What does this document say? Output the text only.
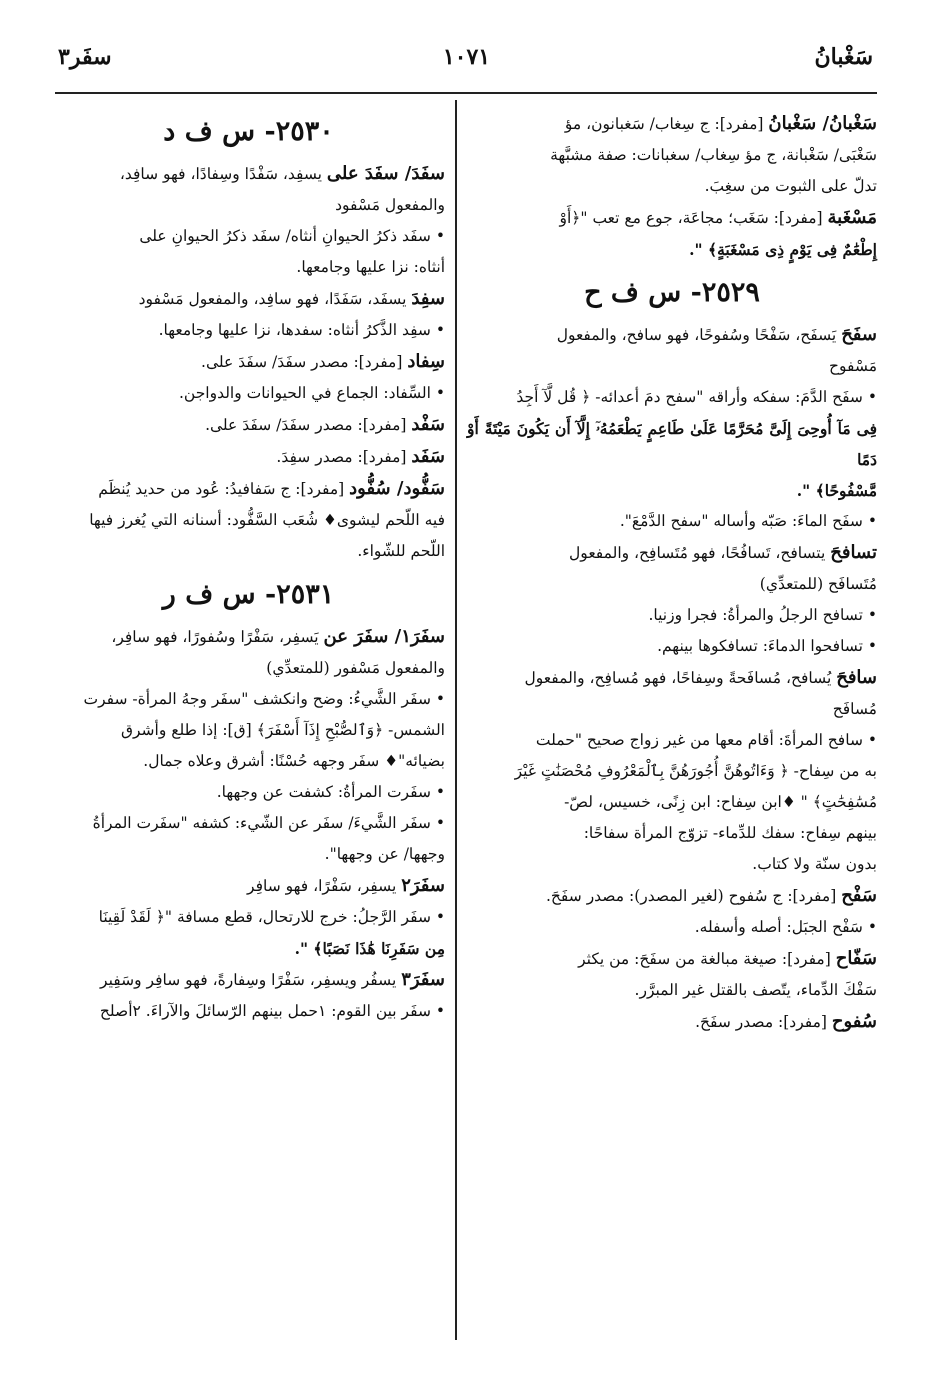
سَغْبانُ
١٠٧١
سفَر٣

سَغْبانُ/ سَغْبانُ [مفرد]: ج سِغاب/ سَغبانون، مؤ

سَغْبَى/ سَغْبانة، ج مؤ سِغاب/ سغبانات: صفة مشبَّهة

تدلّ على الثبوت من سغِبَ.

مَسْغَبة [مفرد]: سَغَب؛ مجاعَة، جوع مع تعب "﴿أَوْ

إِطْعَٰمٌ فِى يَوْمٍ ذِى مَسْغَبَةٍ﴾ ".

٢٥٢٩- س ف ح

سفَحَ يَسفَح، سَفْحًا وسُفوحًا، فهو سافح، والمفعول

مَسْفوح

• سفَح الدَّمَ: سفكه وأراقه "سفح دمَ أعدائه- ﴿ قُل لَّآ أَجِدُ

فِى مَآ أُوحِىَ إِلَىَّ مُحَرَّمًا عَلَىٰ طَاعِمٍ يَطْعَمُهُۥٓ إِلَّآ أَن يَكُونَ مَيْتَةً أَوْ دَمًا

مَّسْفُوحًا﴾ ".

• سفَح الماءَ: صَبّه وأساله "سفح الدَّمْعَ".

تسافحَ يتسافح، تَسافُحًا، فهو مُتَسافِح، والمفعول

مُتَسافَح (للمتعدِّي)

• تسافح الرجلُ والمرأةُ: فجرا وزنيا.

• تسافحوا الدماءَ: تسافكوها بينهم.

سافحَ يُسافح، مُسافَحةً وسِفاحًا، فهو مُسافِح، والمفعول

مُسافَح

• سافح المرأةَ: أقام معها من غير زواج صحيح "حملت

به من سِفاح- ﴿ وَءَاتُوهُنَّ أُجُورَهُنَّ بِٱلْمَعْرُوفِ مُحْصَنَٰتٍ غَيْرَ

مُسَٰفِحَٰتٍ﴾ " ♦ابن سِفاح: ابن زِنًى، خسيس، لصّ-

بينهم سِفاح: سفك للدِّماء- تزوّج المرأة سفاحًا:

بدون سنّة ولا كتاب.

سَفْح [مفرد]: ج سُفوح (لغير المصدر): مصدر سفَحَ.

• سَفْح الجبَل: أصله وأسفله.

سَفّاح [مفرد]: صيغة مبالغة من سفَحَ: من يكثر

سَفْكَ الدِّماء، يتّصف بالقتل غير المبرَّر.

سُفوح [مفرد]: مصدر سفَحَ.

٢٥٣٠- س ف د

سفَدَ/ سفَدَ على يسفِد، سَفْدًا وسِفادًا، فهو سافِد،

والمفعول مَسْفود

• سفَد ذكرُ الحيوانِ أنثاه/ سفَد ذكرُ الحيوانِ على

أنثاه: نزا عليها وجامعها.

سفِدَ يسفَد، سَفَدًا، فهو سافِد، والمفعول مَسْفود

• سفِد الذَّكرُ أنثاه: سفدها، نزا عليها وجامعها.

سِفاد [مفرد]: مصدر سفَدَ/ سفَدَ على.

• السِّفاد: الجماع في الحيوانات والدواجن.

سَفْد [مفرد]: مصدر سفَدَ/ سفَدَ على.

سَفَد [مفرد]: مصدر سفِدَ.

سَفُّود/ سُفُّود [مفرد]: ج سَفافيدُ: عُود من حديد يُنظَم

فيه اللّحم ليشوى♦ شُعَب السَّفُّود: أسنانه التي يُغرز فيها

اللّحم للشّواء.

٢٥٣١- س ف ر

سفَرَ١/ سفَرَ عن يَسفِر، سَفْرًا وسُفورًا، فهو سافِر،

والمفعول مَسْفور (للمتعدِّي)

• سفَر الشَّيءُ: وضح وانكشف "سفَر وجهُ المرأة- سفرت

الشمس- ﴿وَٱلصُّبْحِ إِذَآ أَسْفَرَ﴾ [ق]: إذا طلع وأشرق

بضيائه"♦ سفَر وجهه حُسْنًا: أشرق وعلاه جمال.

• سفَرت المرأةُ: كشفت عن وجهها.

• سفَر الشَّيءَ/ سفَر عن الشّيء: كشفه "سفَرت المرأةُ

وجهها/ عن وجهها".

سفَرَ٢ يسفِر، سَفْرًا، فهو سافِر

• سفَر الرَّجلُ: خرج للارتحال، قطع مسافة "﴿ لَقَدْ لَقِينَا

مِن سَفَرِنَا هَٰذَا نَصَبًا﴾ ".

سفَرَ٣ يسفُر ويسفِر، سَفْرًا وسِفارةً، فهو سافِر وسَفِير

• سفَر بين القوم: ١حمل بينهم الرّسائلَ والآراءَ. ٢أصلح
